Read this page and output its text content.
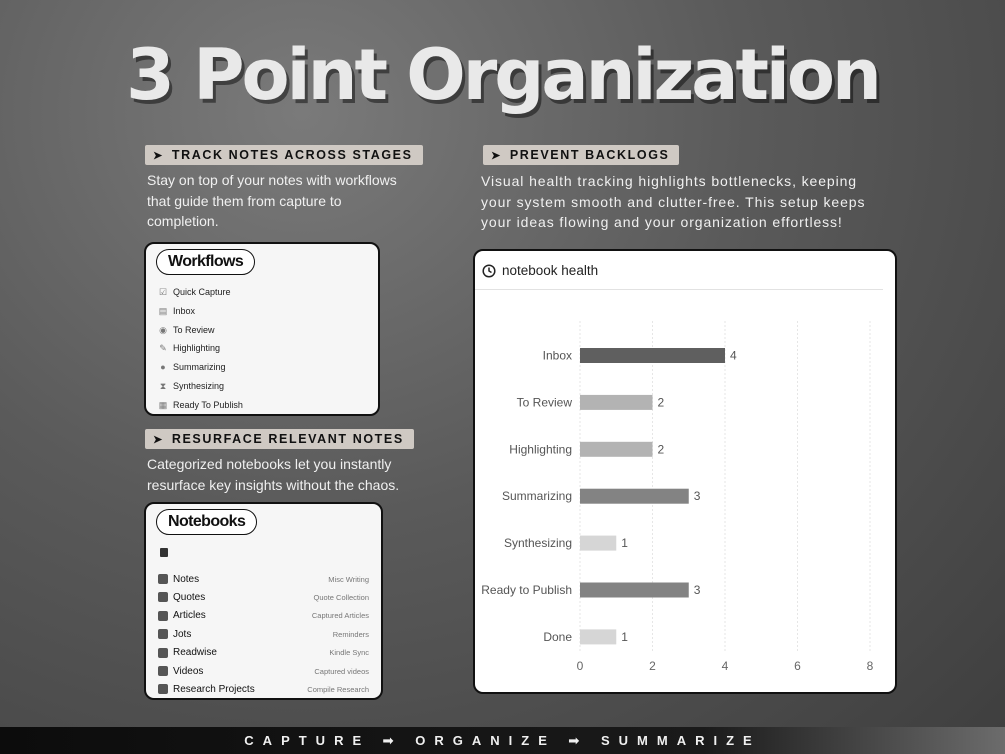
3 Point Organization
➤ TRACK NOTES ACROSS STAGES
Stay on top of your notes with workflows
that guide them from capture to
completion.
Workflows
☑ Quick Capture
▤ Inbox
◉ To Review
✎ Highlighting
● Summarizing
⧗ Synthesizing
▦ Ready To Publish
➤ PREVENT BACKLOGS
Visual health tracking highlights bottlenecks, keeping
your system smooth and clutter-free. This setup keeps
your ideas flowing and your organization effortless!
➤ RESURFACE RELEVANT NOTES
Categorized notebooks let you instantly
resurface key insights without the chaos.
Notebooks
Notes	Misc Writing
Quotes	Quote Collection
Articles	Captured Articles
Jots	Reminders
Readwise	Kindle Sync
Videos	Captured videos
Research Projects	Compile Research
notebook health
0	2	4	6	8
Inbox	4
To Review	2
Highlighting	2
Summarizing	3
Synthesizing	1
Ready to Publish	3
Done	1
CAPTURE ➟ ORGANIZE ➟ SUMMARIZE
